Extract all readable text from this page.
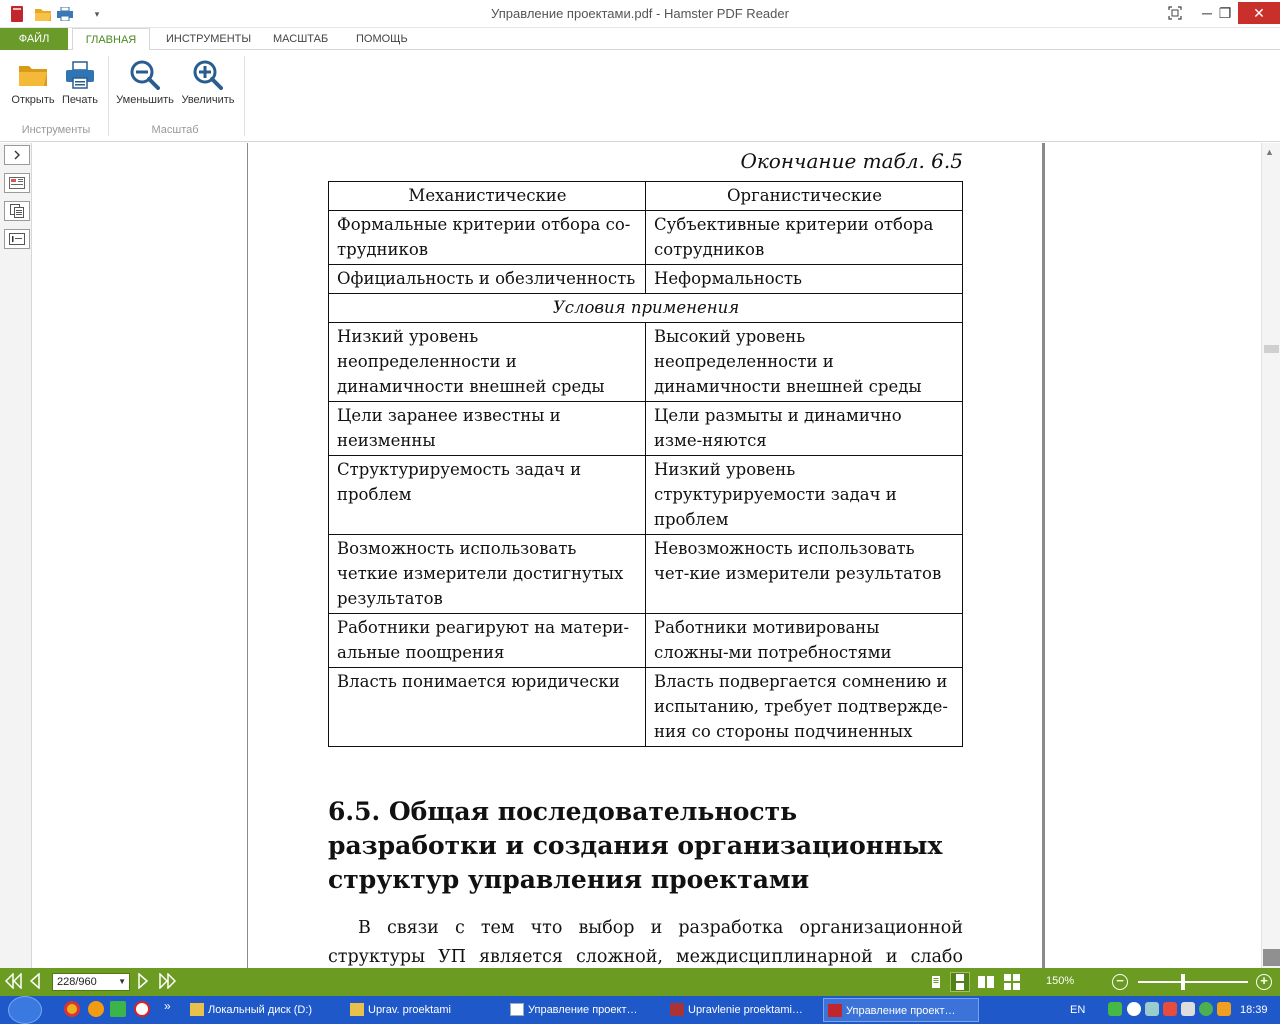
▾	Управление проектами.pdf - Hamster PDF Reader	─ ❐	✕
ФАЙЛ	ГЛАВНАЯ	ИНСТРУМЕНТЫ	МАСШТАБ	ПОМОЩЬ
Открыть Печать	Уменьшить Увеличить
Инструменты	Масштаб
Окончание табл. 6.5
Механистические	Органистические
Формальные критерии отбора со-трудников	Субъективные критерии отбора сотрудников
Официальность и обезличенность	Неформальность
Условия применения	
Низкий уровень неопределенности и динамичности внешней среды	Высокий уровень неопределенности и динамичности внешней среды
Цели заранее известны и неизменны	Цели размыты и динамично изме-няются
Структурируемость задач и проблем	Низкий уровень структурируемости задач и проблем
Возможность использовать четкие измерители достигнутых результатов	Невозможность использовать чет-кие измерители результатов
Работники реагируют на матери-альные поощрения	Работники мотивированы сложны-ми потребностями
Власть понимается юридически	Власть подвергается сомнению и испытанию, требует подтвержде-ния со стороны подчиненных
6.5. Общая последовательность разработки и создания организационных структур управления проектами
В связи с тем что выбор и разработка организационной структуры УП является сложной, междисциплинарной и слабо
▲
228/960	▼	150%	−	+
»	Локальный диск (D:)	Uprav. proektami	Управление проект…	Upravlenie proektami…	Управление проект…	EN	18:39
